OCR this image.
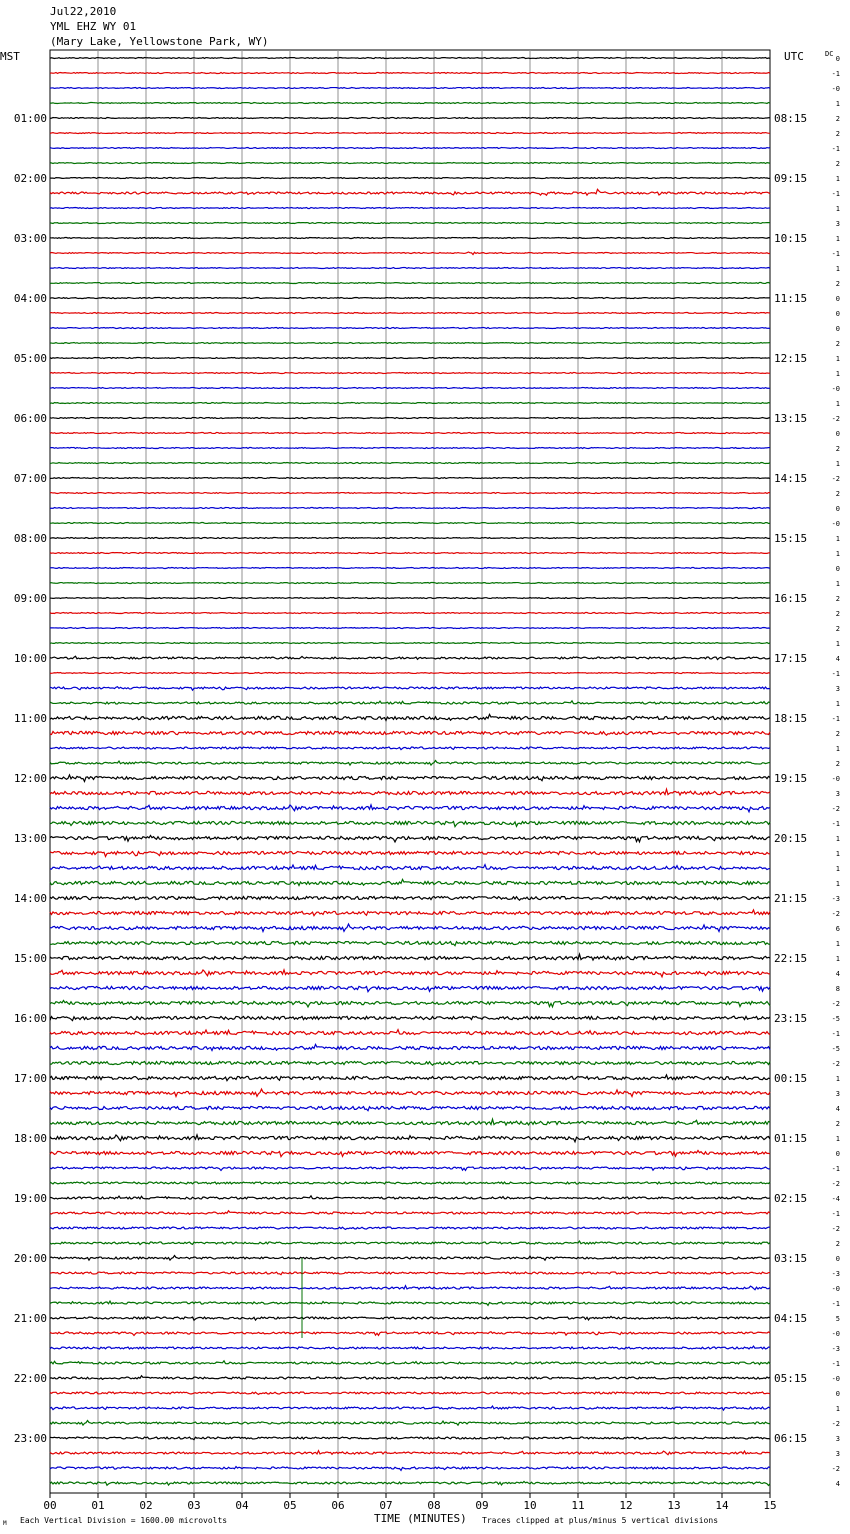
Jul22,2010
YML EHZ WY 01
(Mary Lake, Yellowstone Park, WY)
0
-1
-0
1
2
2
-1
2
1
-1
1
3
1
-1
1
2
0
0
0
2
1
1
-0
1
-2
0
2
1
-2
2
0
-0
1
1
0
1
2
2
2
1
4
-1
3
1
-1
2
1
2
-0
3
-2
-1
1
1
1
1
-3
-2
6
1
1
4
8
-2
-5
-1
-5
-2
1
3
4
2
1
0
-1
-2
-4
-1
-2
2
0
-3
-0
-1
5
-0
-3
-1
-0
0
1
-2
3
3
-2
4
MST	UTC	DC
01:00
02:00
03:00
04:00
05:00
06:00
07:00
08:00
09:00
10:00
11:00
12:00
13:00
14:00
15:00
16:00
17:00
18:00
19:00
20:00
21:00
22:00
23:00
08:15
09:15
10:15
11:15
12:15
13:15
14:15
15:15
16:15
17:15
18:15
19:15
20:15
21:15
22:15
23:15
00:15
01:15
02:15
03:15
04:15
05:15
06:15
00	01	02	03	04	05	06	07	08	09	10	11	12	13	14	15
M Each Vertical Division = 1600.00 microvolts	TIME (MINUTES) Traces clipped at plus/minus 5 vertical divisions
